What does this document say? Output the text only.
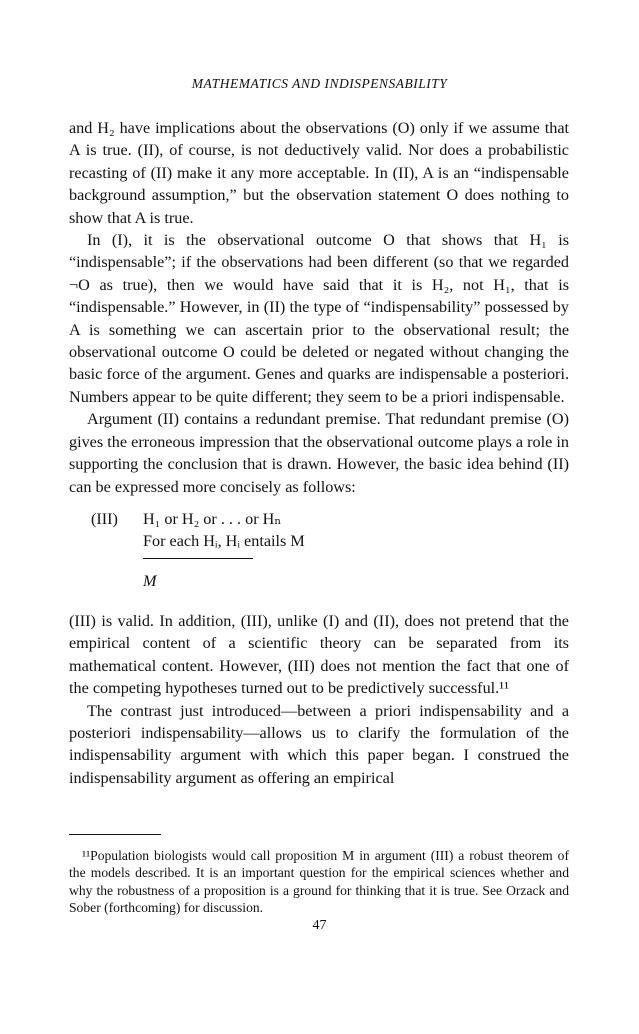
MATHEMATICS AND INDISPENSABILITY

and H₂ have implications about the observations (O) only if we assume that A is true. (II), of course, is not deductively valid. Nor does a probabilistic recasting of (II) make it any more acceptable. In (II), A is an “indispensable background assumption,” but the observation statement O does nothing to show that A is true.

In (I), it is the observational outcome O that shows that H₁ is “indispensable”; if the observations had been different (so that we regarded ¬O as true), then we would have said that it is H₂, not H₁, that is “indispensable.” However, in (II) the type of “indispensability” possessed by A is something we can ascertain prior to the observational result; the observational outcome O could be deleted or negated without changing the basic force of the argument. Genes and quarks are indispensable a posteriori. Numbers appear to be quite different; they seem to be a priori indispensable.

Argument (II) contains a redundant premise. That redundant premise (O) gives the erroneous impression that the observational outcome plays a role in supporting the conclusion that is drawn. However, the basic idea behind (II) can be expressed more concisely as follows:

(III) H₁ or H₂ or . . . or Hₙ
For each Hᵢ, Hᵢ entails M
M

(III) is valid. In addition, (III), unlike (I) and (II), does not pretend that the empirical content of a scientific theory can be separated from its mathematical content. However, (III) does not mention the fact that one of the competing hypotheses turned out to be predictively successful.¹¹

The contrast just introduced—between a priori indispensability and a posteriori indispensability—allows us to clarify the formulation of the indispensability argument with which this paper began. I construed the indispensability argument as offering an empirical

¹¹Population biologists would call proposition M in argument (III) a robust theorem of the models described. It is an important question for the empirical sciences whether and why the robustness of a proposition is a ground for thinking that it is true. See Orzack and Sober (forthcoming) for discussion.

47
